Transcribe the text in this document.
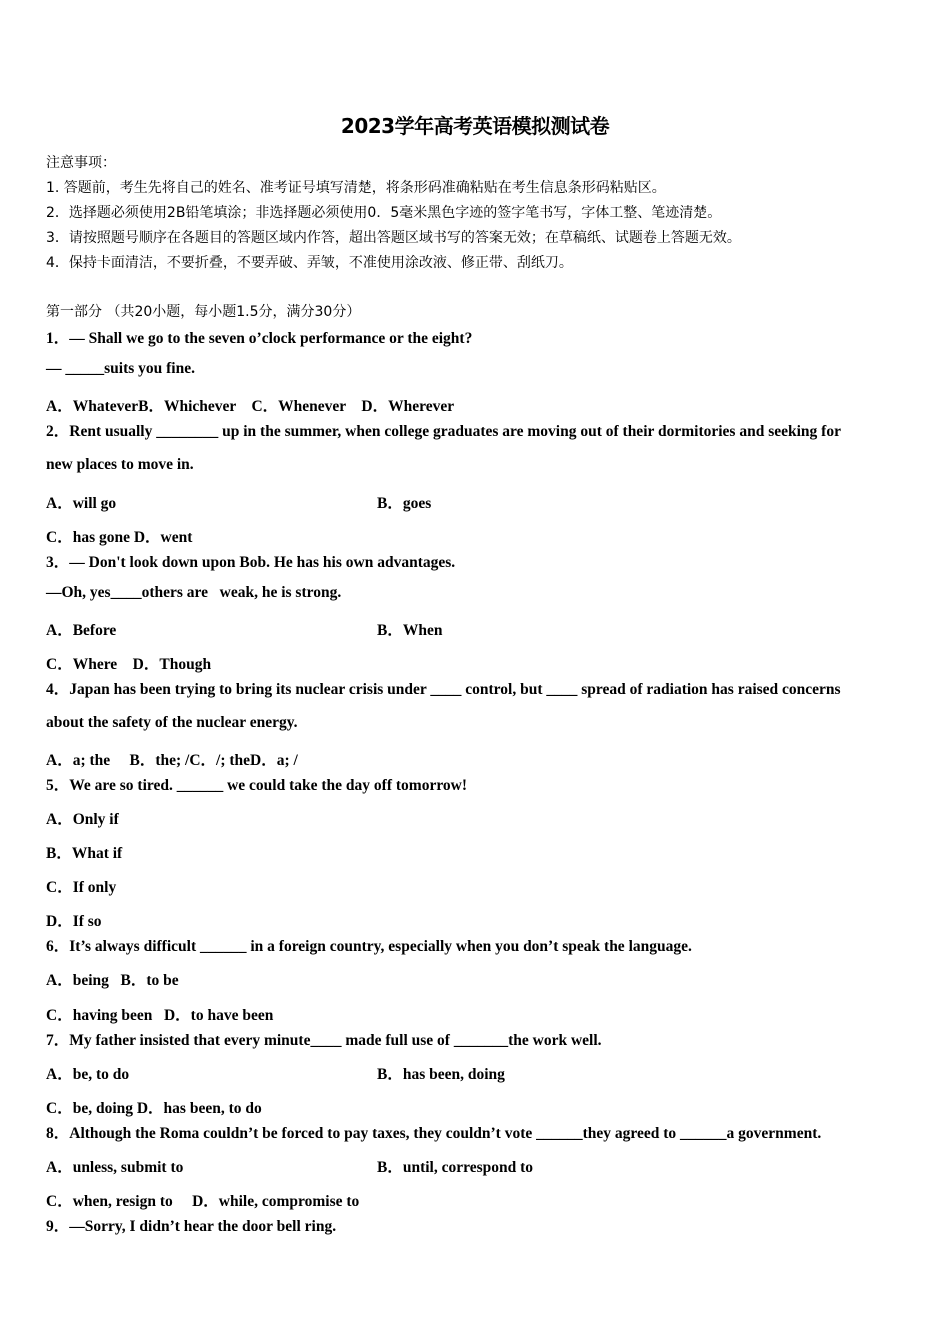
2023学年高考英语模拟测试卷
注意事项：
1. 答题前，考生先将自己的姓名、准考证号填写清楚，将条形码准确粘贴在考生信息条形码粘贴区。
2．选择题必须使用2B铅笔填涂；非选择题必须使用0．5毫米黑色字迹的签字笔书写，字体工整、笔迹清楚。
3．请按照题号顺序在各题目的答题区域内作答，超出答题区域书写的答案无效；在草稿纸、试题卷上答题无效。
4．保持卡面清洁，不要折叠，不要弄破、弄皱，不准使用涂改液、修正带、刮纸刀。
第一部分 （共20小题，每小题1.5分，满分30分）
1．— Shall we go to the seven o’clock performance or the eight?
— _____suits you fine.
A．WhateverB．Whichever    C．Whenever    D．Wherever
2．Rent usually ________ up in the summer, when college graduates are moving out of their dormitories and seeking for
new places to move in.
A．will go	B．goes
C．has gone D．went
3．— Don't look down upon Bob. He has his own advantages.
—Oh, yes____others are   weak, he is strong.
A．Before	B．When
C．Where    D．Though
4．Japan has been trying to bring its nuclear crisis under ____ control, but ____ spread of radiation has raised concerns
about the safety of the nuclear energy.
A．a; the     B．the; /C．/; theD．a; /
5．We are so tired. ______ we could take the day off tomorrow!
A．Only if
B．What if
C．If only
D．If so
6．It’s always difficult ______ in a foreign country, especially when you don’t speak the language.
A．being   B．to be
C．having been   D．to have been
7．My father insisted that every minute____ made full use of _______the work well.
A．be, to do	B．has been, doing
C．be, doing D．has been, to do
8．Although the Roma couldn’t be forced to pay taxes, they couldn’t vote ______they agreed to ______a government.
A．unless, submit to	B．until, correspond to
C．when, resign to     D．while, compromise to
9．—Sorry, I didn’t hear the door bell ring.
